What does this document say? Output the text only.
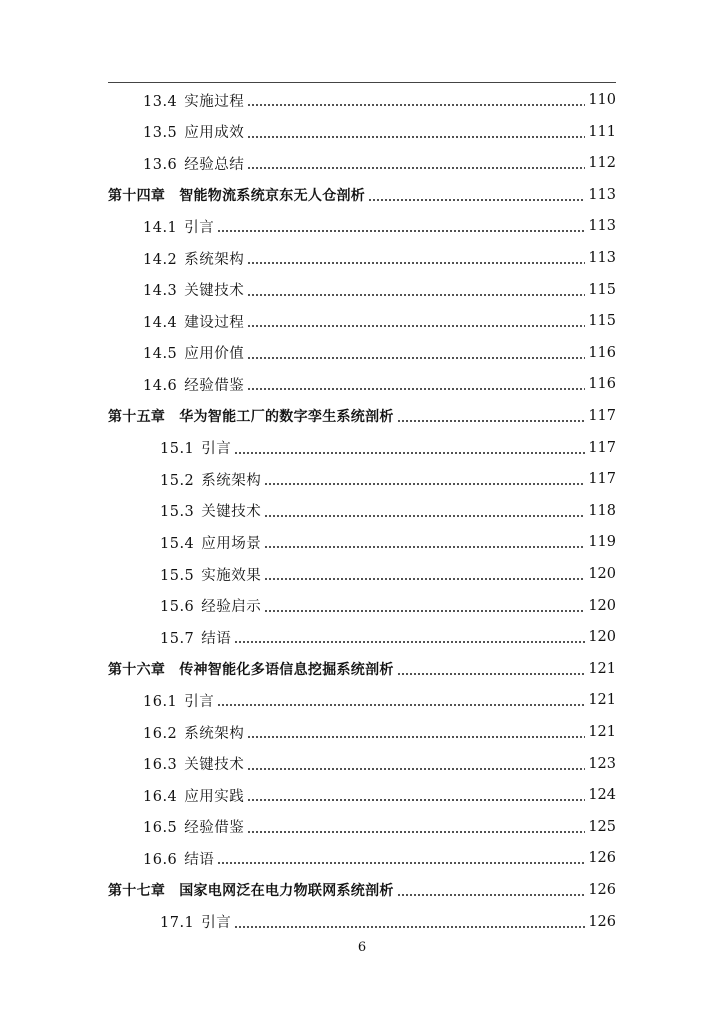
13.4 实施过程	110
13.5 应用成效	111
13.6 经验总结	112
第十四章 智能物流系统京东无人仓剖析	113
14.1 引言	113
14.2 系统架构	113
14.3 关键技术	115
14.4 建设过程	115
14.5 应用价值	116
14.6 经验借鉴	116
第十五章 华为智能工厂的数字孪生系统剖析	117
15.1 引言	117
15.2 系统架构	117
15.3 关键技术	118
15.4 应用场景	119
15.5 实施效果	120
15.6 经验启示	120
15.7 结语	120
第十六章 传神智能化多语信息挖掘系统剖析	121
16.1 引言	121
16.2 系统架构	121
16.3 关键技术	123
16.4 应用实践	124
16.5 经验借鉴	125
16.6 结语	126
第十七章 国家电网泛在电力物联网系统剖析	126
17.1 引言	126
6
